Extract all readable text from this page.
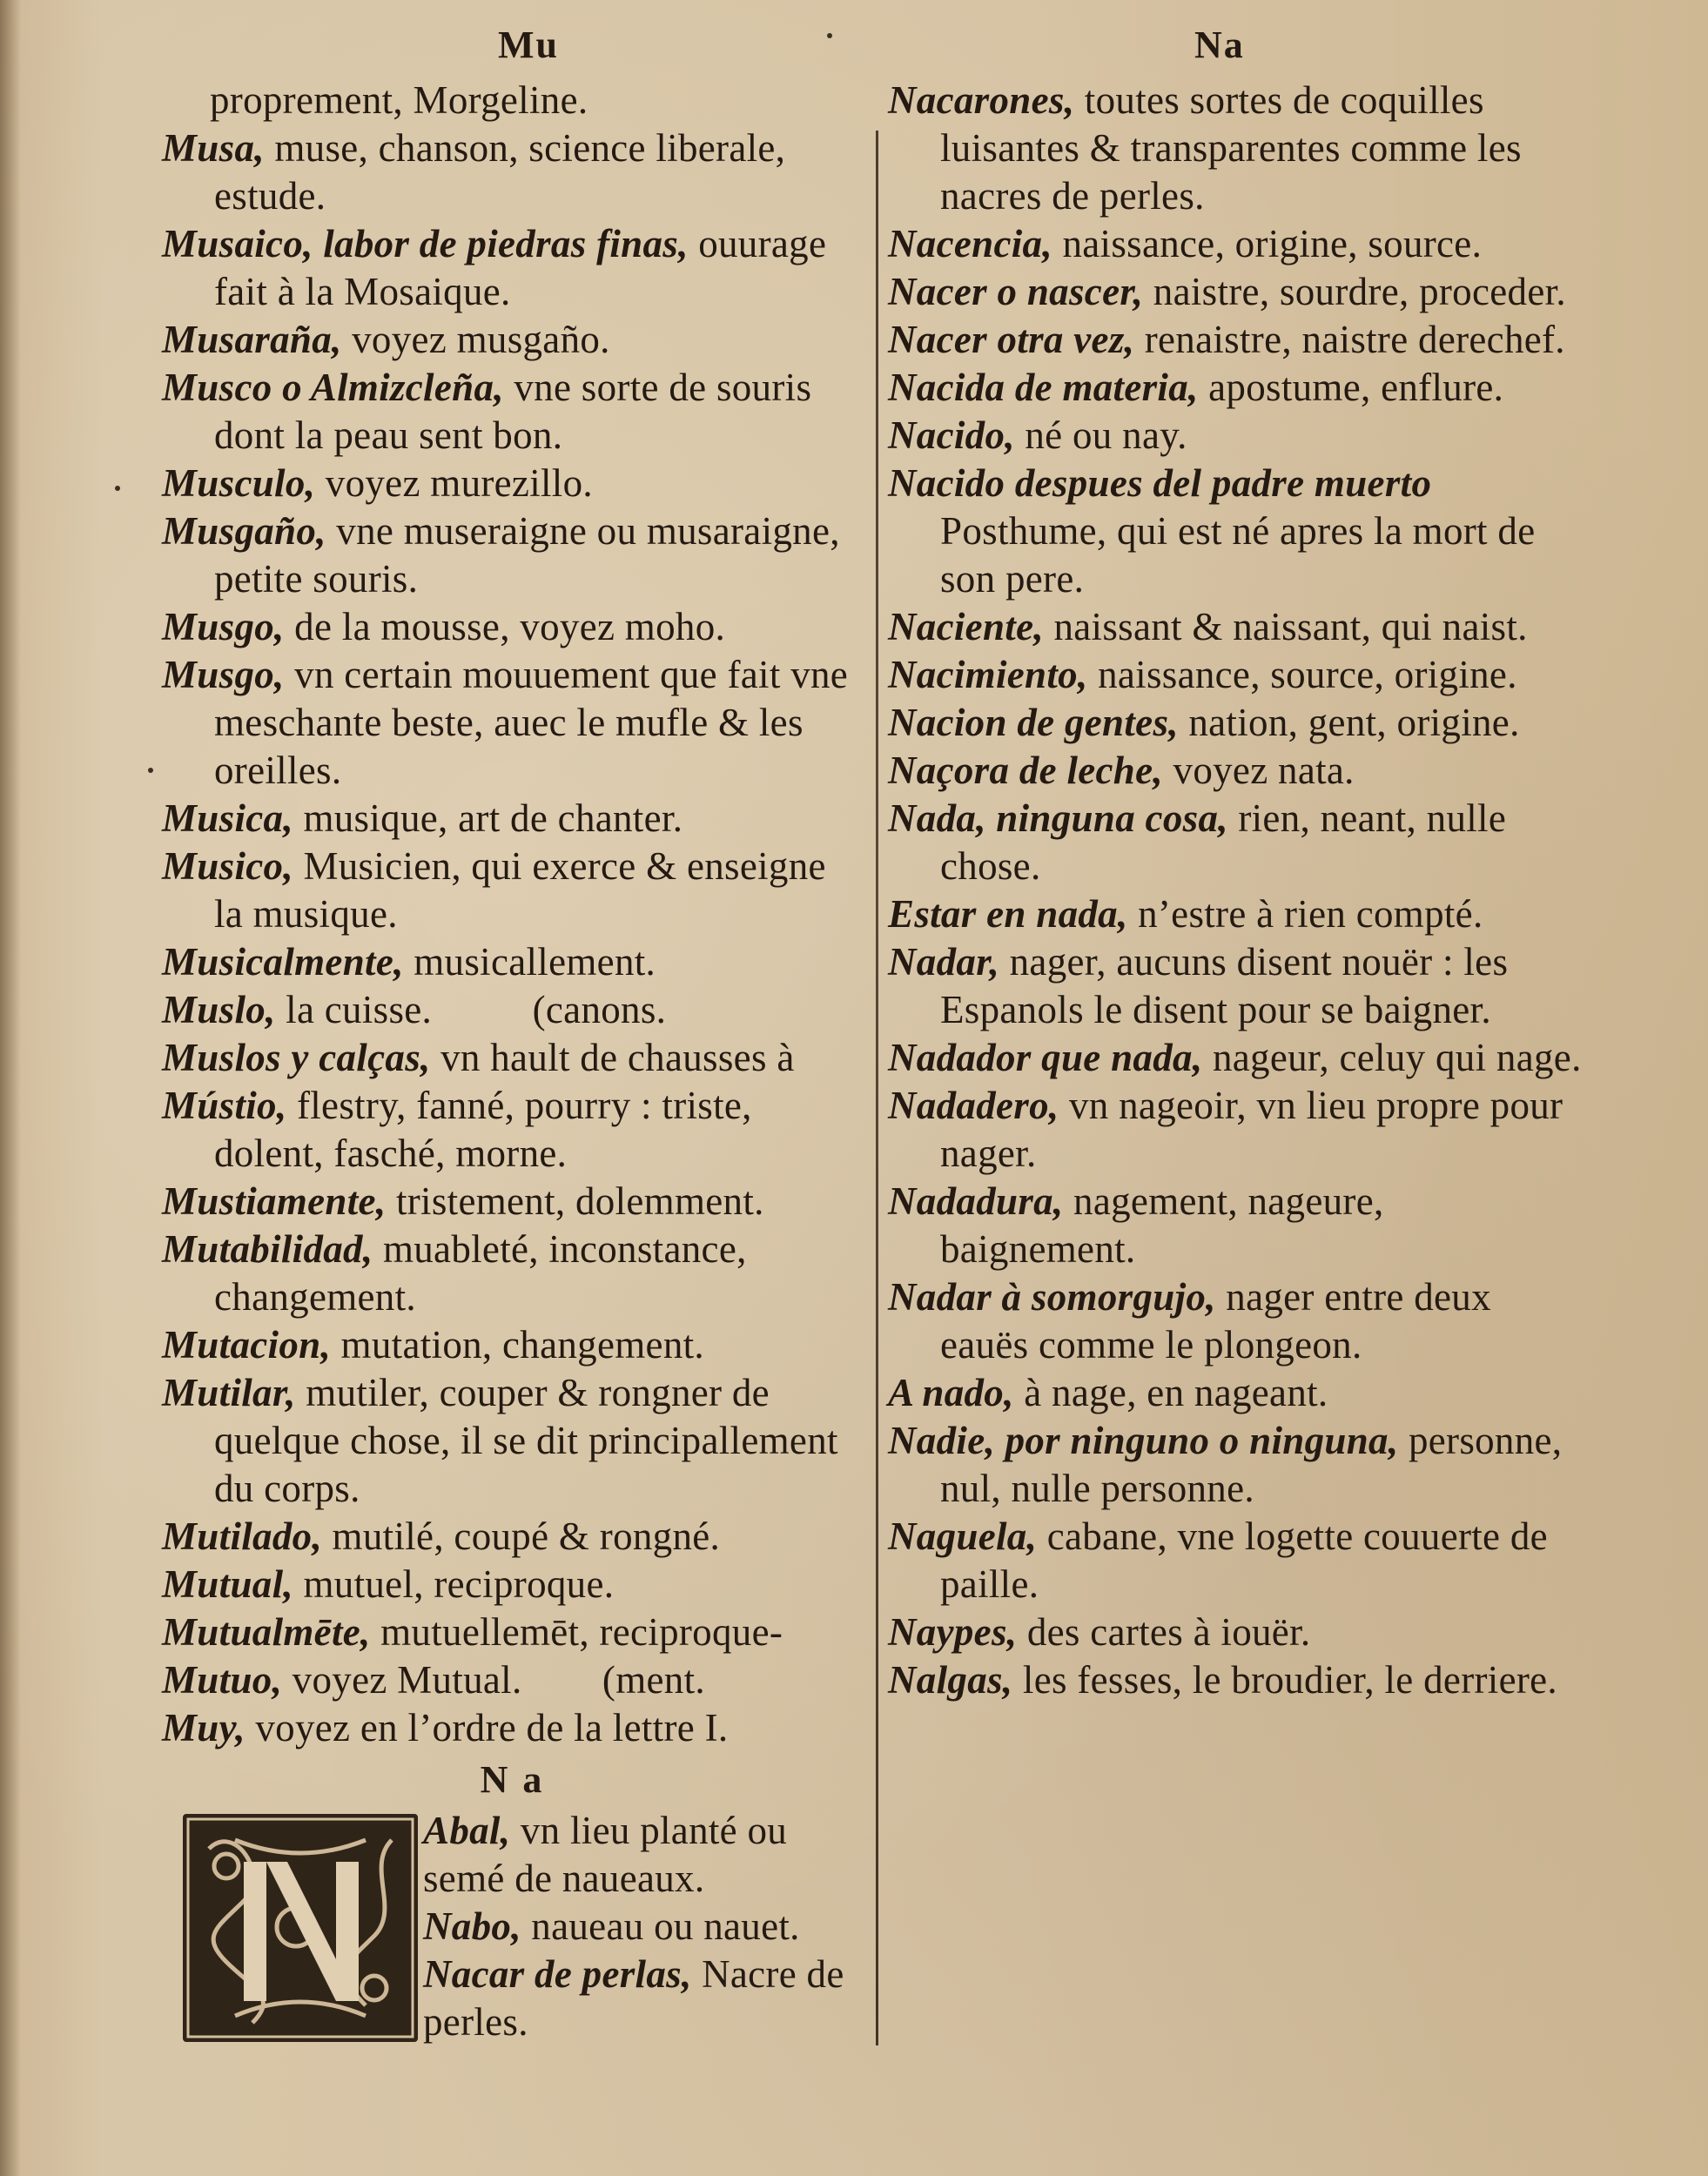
Mu	Na

proprement, Morgeline.

Musa, muse, chanson, science liberale, estude.

Musaico, labor de piedras finas, ouurage fait à la Mosaique.

Musaraña, voyez musgaño.

Musco o Almizcleña, vne sorte de souris dont la peau sent bon.

Musculo, voyez murezillo.

Musgaño, vne museraigne ou musaraigne, petite souris.

Musgo, de la mousse, voyez moho.

Musgo, vn certain mouuement que fait vne meschante beste, auec le mufle & les oreilles.

Musica, musique, art de chanter.

Musico, Musicien, qui exerce & enseigne la musique.

Musicalmente, musicallement.

Muslo, la cuisse.          (canons.

Muslos y calças, vn hault de chausses à

Mústio, flestry, fanné, pourry : triste, dolent, fasché, morne.

Mustiamente, tristement, dolemment.

Mutabilidad, muableté, inconstance, changement.

Mutacion, mutation, changement.

Mutilar, mutiler, couper & rongner de quelque chose, il se dit principallement du corps.

Mutilado, mutilé, coupé & rongné.

Mutual, mutuel, reciproque.

Mutualmēte, mutuellemēt, reciproque-

Mutuo, voyez Mutual.        (ment.

Muy, voyez en l’ordre de la lettre I.

N a

Abal, vn lieu planté ou semé de naueaux.

Nabo, naueau ou nauet.

Nacar de perlas, Nacre de perles.

Nacarones, toutes sortes de coquilles luisantes & transparentes comme les nacres de perles.

Nacencia, naissance, origine, source.

Nacer o nascer, naistre, sourdre, proceder.

Nacer otra vez, renaistre, naistre derechef.

Nacida de materia, apostume, enflure.

Nacido, né ou nay.

Nacido despues del padre muerto Posthume, qui est né apres la mort de son pere.

Naciente, naissant & naissant, qui naist.

Nacimiento, naissance, source, origine.

Nacion de gentes, nation, gent, origine.

Naçora de leche, voyez nata.

Nada, ninguna cosa, rien, neant, nulle chose.

Estar en nada, n’estre à rien compté.

Nadar, nager, aucuns disent nouër : les Espanols le disent pour se baigner.

Nadador que nada, nageur, celuy qui nage.

Nadadero, vn nageoir, vn lieu propre pour nager.

Nadadura, nagement, nageure, baignement.

Nadar à somorgujo, nager entre deux eauës comme le plongeon.

A nado, à nage, en nageant.

Nadie, por ninguno o ninguna, personne, nul, nulle personne.

Naguela, cabane, vne logette couuerte de paille.

Naypes, des cartes à iouër.

Nalgas, les fesses, le broudier, le derriere.
